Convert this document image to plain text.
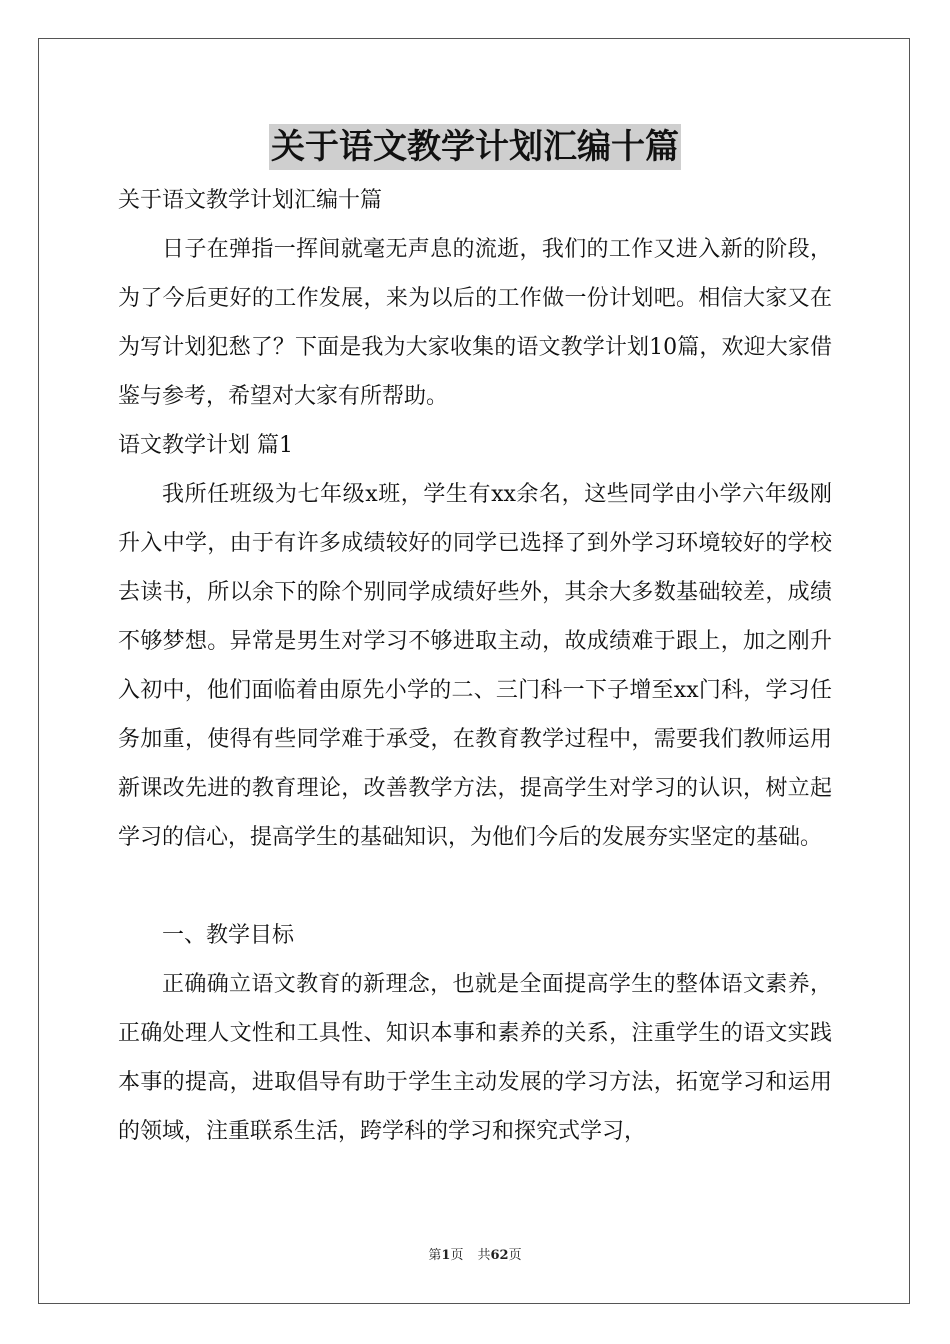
关于语文教学计划汇编十篇

关于语文教学计划汇编十篇

日子在弹指一挥间就毫无声息的流逝，我们的工作又进入新的阶段，为了今后更好的工作发展，来为以后的工作做一份计划吧。相信大家又在为写计划犯愁了？下面是我为大家收集的语文教学计划10篇，欢迎大家借鉴与参考，希望对大家有所帮助。

语文教学计划 篇1

我所任班级为七年级x班，学生有xx余名，这些同学由小学六年级刚升入中学，由于有许多成绩较好的同学已选择了到外学习环境较好的学校去读书，所以余下的除个别同学成绩好些外，其余大多数基础较差，成绩不够梦想。异常是男生对学习不够进取主动，故成绩难于跟上，加之刚升入初中，他们面临着由原先小学的二、三门科一下子增至xx门科，学习任务加重，使得有些同学难于承受，在教育教学过程中，需要我们教师运用新课改先进的教育理论，改善教学方法，提高学生对学习的认识，树立起学习的信心，提高学生的基础知识，为他们今后的发展夯实坚定的基础。

一、教学目标

正确确立语文教育的新理念，也就是全面提高学生的整体语文素养，正确处理人文性和工具性、知识本事和素养的关系，注重学生的语文实践本事的提高，进取倡导有助于学生主动发展的学习方法，拓宽学习和运用的领域，注重联系生活，跨学科的学习和探究式学习，

第1页 共62页
